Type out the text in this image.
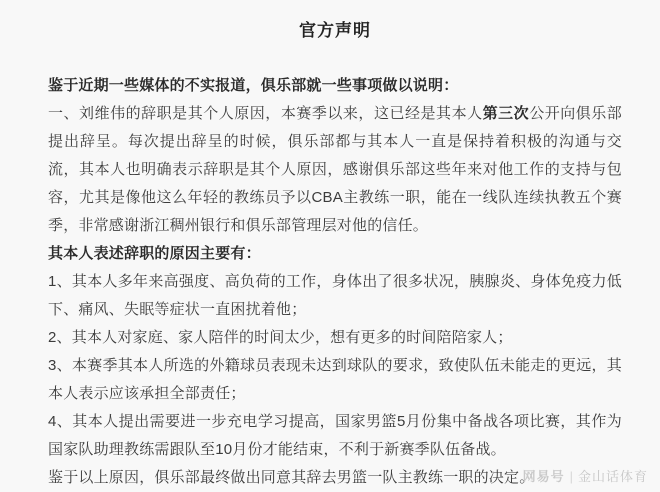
官方声明

鉴于近期一些媒体的不实报道，俱乐部就一些事项做以说明：

一、刘维伟的辞职是其个人原因，本赛季以来，这已经是其本人第三次公开向俱乐部提出辞呈。每次提出辞呈的时候，俱乐部都与其本人一直是保持着积极的沟通与交流，其本人也明确表示辞职是其个人原因，感谢俱乐部这些年来对他工作的支持与包容，尤其是像他这么年轻的教练员予以CBA主教练一职，能在一线队连续执教五个赛季，非常感谢浙江稠州银行和俱乐部管理层对他的信任。

其本人表述辞职的原因主要有：

1、其本人多年来高强度、高负荷的工作，身体出了很多状况，胰腺炎、身体免疫力低下、痛风、失眠等症状一直困扰着他；

2、其本人对家庭、家人陪伴的时间太少，想有更多的时间陪陪家人；

3、本赛季其本人所选的外籍球员表现未达到球队的要求，致使队伍未能走的更远，其本人表示应该承担全部责任；

4、其本人提出需要进一步充电学习提高，国家男篮5月份集中备战各项比赛，其作为国家队助理教练需跟队至10月份才能结束，不利于新赛季队伍备战。

鉴于以上原因，俱乐部最终做出同意其辞去男篮一队主教练一职的决定。

网易号 | 金山话体育
